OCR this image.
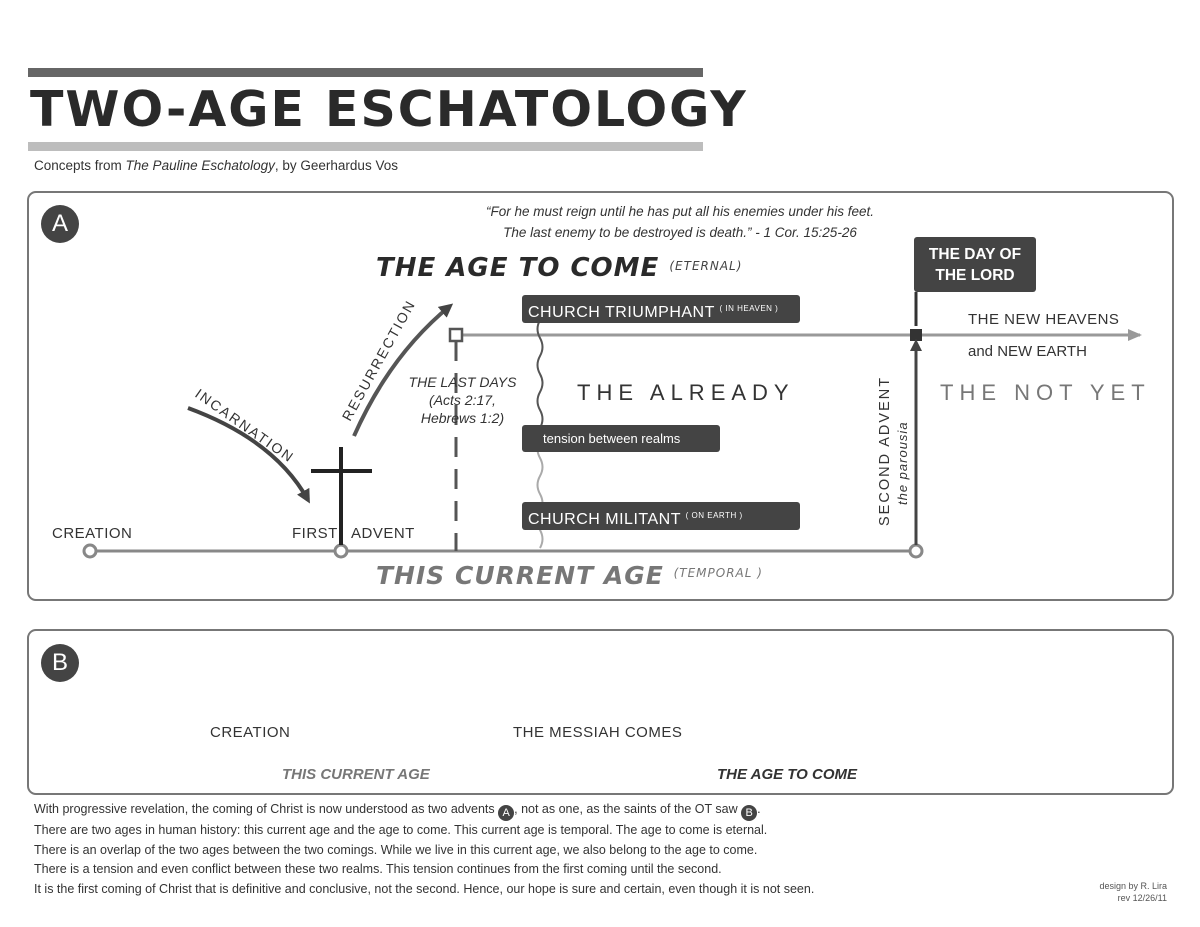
TWO-AGE ESCHATOLOGY
Concepts from The Pauline Eschatology, by Geerhardus Vos
INCARNATION
RESURRECTION
SECOND ADVENT the parousia
A	“For he must reign until he has put all his enemies under his feet.
The last enemy to be destroyed is death.” - 1 Cor. 15:25-26
THE AGE TO COME $^{(ETERNAL)}$
THE DAY OF
THE LORD
CHURCH TRIUMPHANT $^{( IN HEAVEN )}$
THE NEW HEAVENS
and NEW EARTH
THE LAST DAYS
(Acts 2:17,
Hebrews 1:2)
THE ALREADY	THE NOT YET
tension between realms
CHURCH MILITANT $^{( ON EARTH )}$
CREATION	FIRST ADVENT
THIS CURRENT AGE $^{(TEMPORAL )}$
B
CREATION	THE MESSIAH COMES
THIS CURRENT AGE	THE AGE TO COME

With progressive revelation, the coming of Christ is now understood as two advents A , not as one, as the saints of the OT saw B .

There are two ages in human history: this current age and the age to come. This current age is temporal. The age to come is eternal.

There is an overlap of the two ages between the two comings. While we live in this current age, we also belong to the age to come.

There is a tension and even conflict between these two realms. This tension continues from the first coming until the second.

It is the first coming of Christ that is definitive and conclusive, not the second. Hence, our hope is sure and certain, even though it is not seen.	design by R. Lira
rev 12/26/11
